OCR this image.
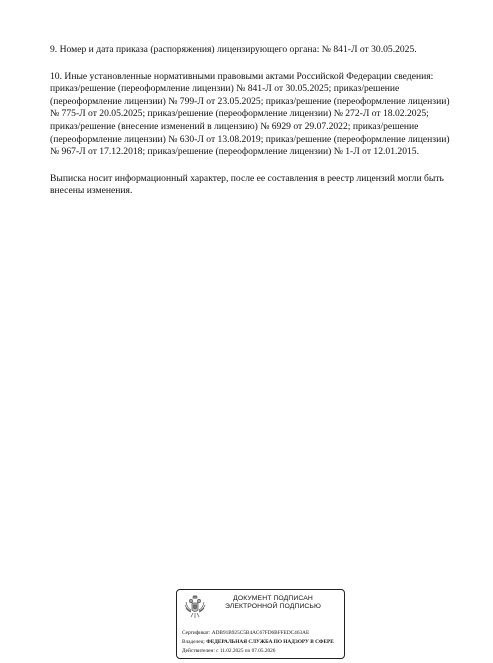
9. Номер и дата приказа (распоряжения) лицензирующего органа: № 841-Л от 30.05.2025.

10. Иные установленные нормативными правовыми актами Российской Федерации сведения: приказ/решение (переоформление лицензии) № 841-Л от 30.05.2025; приказ/решение (переоформление лицензии) № 799-Л от 23.05.2025; приказ/решение (переоформление лицензии) № 775-Л от 20.05.2025; приказ/решение (переоформление лицензии) № 272-Л от 18.02.2025; приказ/решение (внесение изменений в лицензию) № 6929 от 29.07.2022; приказ/решение (переоформление лицензии) № 630-Л от 13.08.2019; приказ/решение (переоформление лицензии) № 967-Л от 17.12.2018; приказ/решение (переоформление лицензии) № 1-Л от 12.01.2015.

Выписка носит информационный характер, после ее составления в реестр лицензий могли быть внесены изменения.

ДОКУМЕНТ ПОДПИСАН
ЭЛЕКТРОННОЙ ПОДПИСЬЮ
Сертификат: ADB91B925C5B4AC67FD6BFFEDC463AE
Владелец: ФЕДЕРАЛЬНАЯ СЛУЖБА ПО НАДЗОРУ В СФЕРЕ
Действителен: с 11.02.2025 по 07.05.2026
